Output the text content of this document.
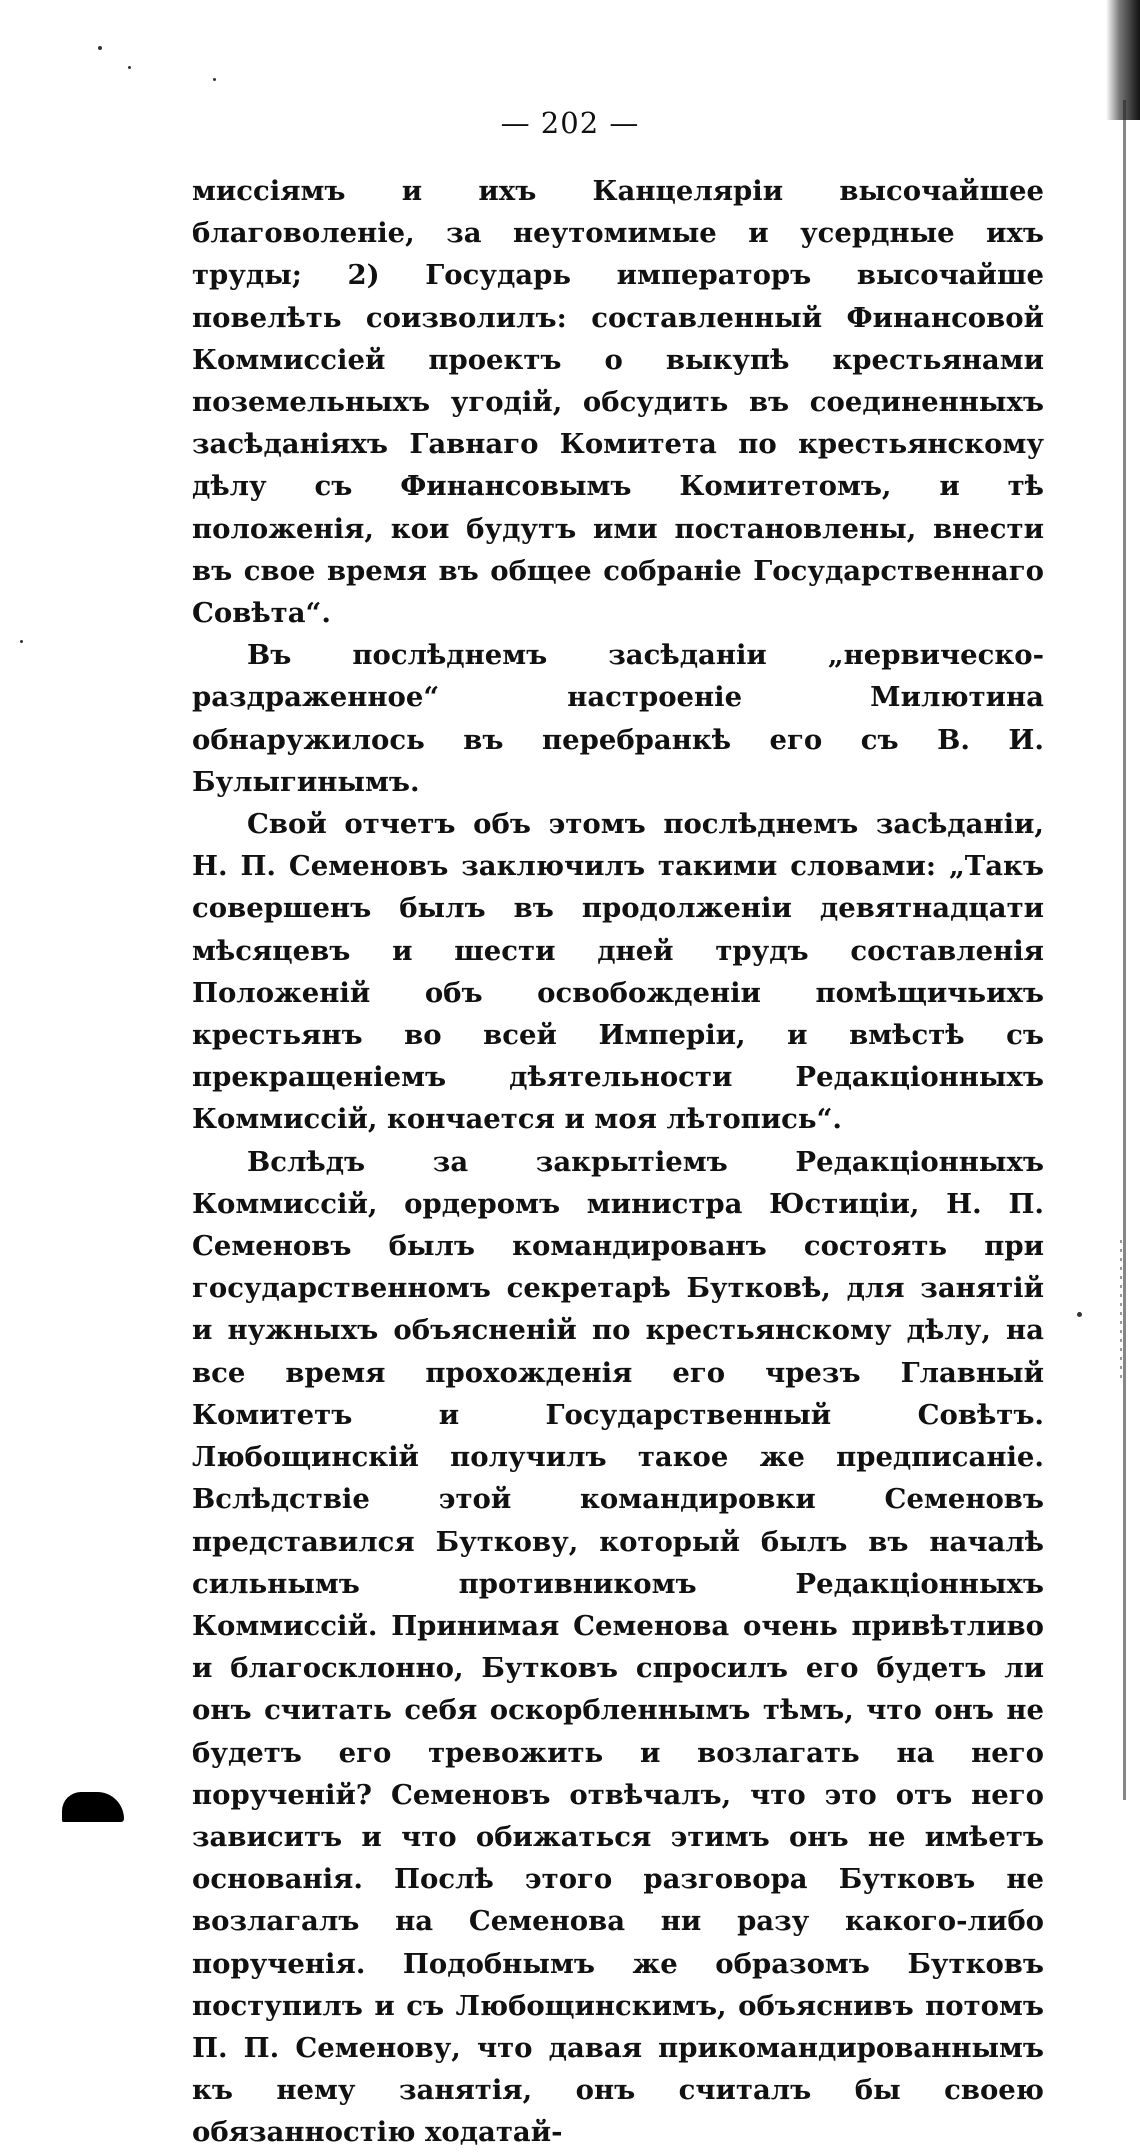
— 202 —

миссіямъ и ихъ Канцеляріи высочайшее благоволеніе, за неутомимые и усердные ихъ труды; 2) Государь императоръ высочайше повелѣть соизволилъ: составленный Финансовой Коммиссіей проектъ о выкупѣ крестьянами поземельныхъ угодій, обсудить въ соединенныхъ засѣданіяхъ Гавнаго Комитета по крестьянскому дѣлу съ Финансовымъ Комитетомъ, и тѣ положенія, кои будутъ ими постановлены, внести въ свое время въ общее собраніе Государственнаго Совѣта“.

Въ послѣднемъ засѣданіи „нервическо-раздраженное“ настроеніе Милютина обнаружилось въ перебранкѣ его съ В. И. Булыгинымъ.

Свой отчетъ объ этомъ послѣднемъ засѣданіи, Н. П. Семеновъ заключилъ такими словами: „Такъ совершенъ былъ въ продолженіи девятнадцати мѣсяцевъ и шести дней трудъ составленія Положеній объ освобожденіи помѣщичьихъ крестьянъ во всей Имперіи, и вмѣстѣ съ прекращеніемъ дѣятельности Редакціонныхъ Коммиссій, кончается и моя лѣтопись“.

Вслѣдъ за закрытіемъ Редакціонныхъ Коммиссій, ордеромъ министра Юстиціи, Н. П. Семеновъ былъ командированъ состоять при государственномъ секретарѣ Бутковѣ, для занятій и нужныхъ объясненій по крестьянскому дѣлу, на все время прохожденія его чрезъ Главный Комитетъ и Государственный Совѣтъ. Любощинскій получилъ такое же предписаніе. Вслѣдствіе этой командировки Семеновъ представился Буткову, который былъ въ началѣ сильнымъ противникомъ Редакціонныхъ Коммиссій. Принимая Семенова очень привѣтливо и благосклонно, Бутковъ спросилъ его будетъ ли онъ считать себя оскорбленнымъ тѣмъ, что онъ не будетъ его тревожить и возлагать на него порученій? Семеновъ отвѣчалъ, что это отъ него зависитъ и что обижаться этимъ онъ не имѣетъ основанія. Послѣ этого разговора Бутковъ не возлагалъ на Семенова ни разу какого-либо порученія. Подобнымъ же образомъ Бутковъ поступилъ и съ Любощинскимъ, объяснивъ потомъ П. П. Семенову, что давая прикомандированнымъ къ нему занятія, онъ считалъ бы своею обязанностію ходатай-
